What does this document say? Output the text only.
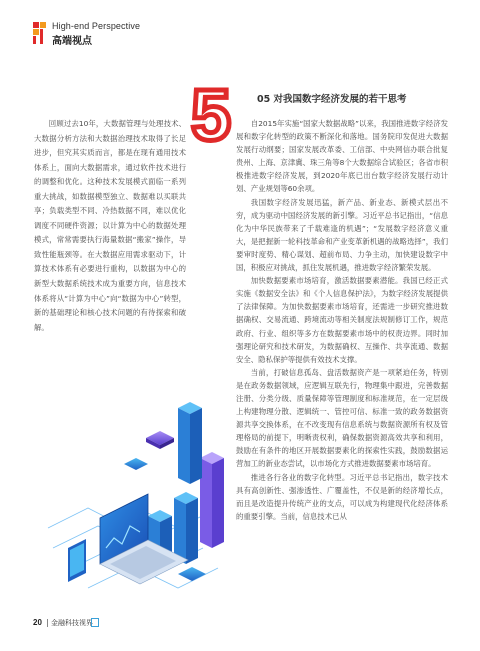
High-end Perspective
高端视点
5	05 对我国数字经济发展的若干思考

回顾过去10年，大数据管理与处理技术、大数据分析方法和大数据治理技术取得了长足进步，但究其实质而言，都是在现有通用技术体系上，面向大数据需求，通过软件技术进行的调整和优化。这种技术发展模式面临一系列重大挑战，如数据模型独立、数据难以买联共享；负载类型不同、冷热数据不同，难以优化调度不同硬件资源；以计算为中心的数据处理模式，常常需要执行海量数据“搬家”操作，导致性能瓶颈等。在大数据应用需求驱动下，计算技术体系有必要进行重构，以数据为中心的新型大数据系统技术成为重要方向，信息技术体系将从“计算为中心”向“数据为中心”转型，新的基础理论和核心技术问题的有待探索和破解。

自2015年实施“国家大数据战略”以来，我国推进数字经济发展和数字化转型的政策不断深化和落地。国务院印发促进大数据发展行动纲要；国家发展改革委、工信部、中央网信办联合批复贵州、上海、京津冀、珠三角等8个大数据综合试验区；各省市积极推进数字经济发展，到2020年底已出台数字经济发展行动计划、产业规划等60余项。

我国数字经济发展迅猛，新产品、新业态、新模式层出不穷，成为驱动中国经济发展的新引擎。习近平总书记指出，“信息化为中华民族带来了千载难逢的机遇”；“发展数字经济意义重大，是把握新一轮科技革命和产业变革新机遇的战略选择”，我们要审时度势、精心谋划、超前布局、力争主动，加快建设数字中国，积极应对挑战，抓住发展机遇，推进数字经济繁荣发展。

加快数据要素市场培育，激活数据要素潜能。我国已经正式实施《数据安全法》和《个人信息保护法》，为数字经济发展提供了法律保障。为加快数据要素市场培育，还需进一步研究推进数据确权、交易流通、跨境流动等相关制度法规制修订工作，规范政府、行业、组织等多方在数据要素市场中的权责边界。同时加强理论研究和技术研发，为数据确权、互操作、共享流通、数据安全、隐私保护等提供有效技术支撑。

当前，打破信息孤岛、盘活数据资产是一项紧迫任务，特别是在政务数据领域，应逻辑互联先行，物理集中跟进，完善数据注册、分类分级、质量保障等管理制度和标准规范，在一定层级上构建物理分散、逻辑统一、管控可信、标准一致的政务数据资源共享交换体系，在不改变现有信息系统与数据资源所有权及管理格局的前提下，明晰责权利，确保数据资源高效共享和利用，鼓励在有条件的地区开展数据要素化的探索性实践，鼓励数据运营加工的新业态尝试，以市场化方式推进数据要素市场培育。

推进各行各业的数字化转型。习近平总书记指出，数字技术具有高创新性、强渗透性、广覆盖性，不仅是新的经济增长点，而且是改造提升传统产业的支点，可以成为构建现代化经济体系的重要引擎。当前，信息技术已从

20 金融科技视界
